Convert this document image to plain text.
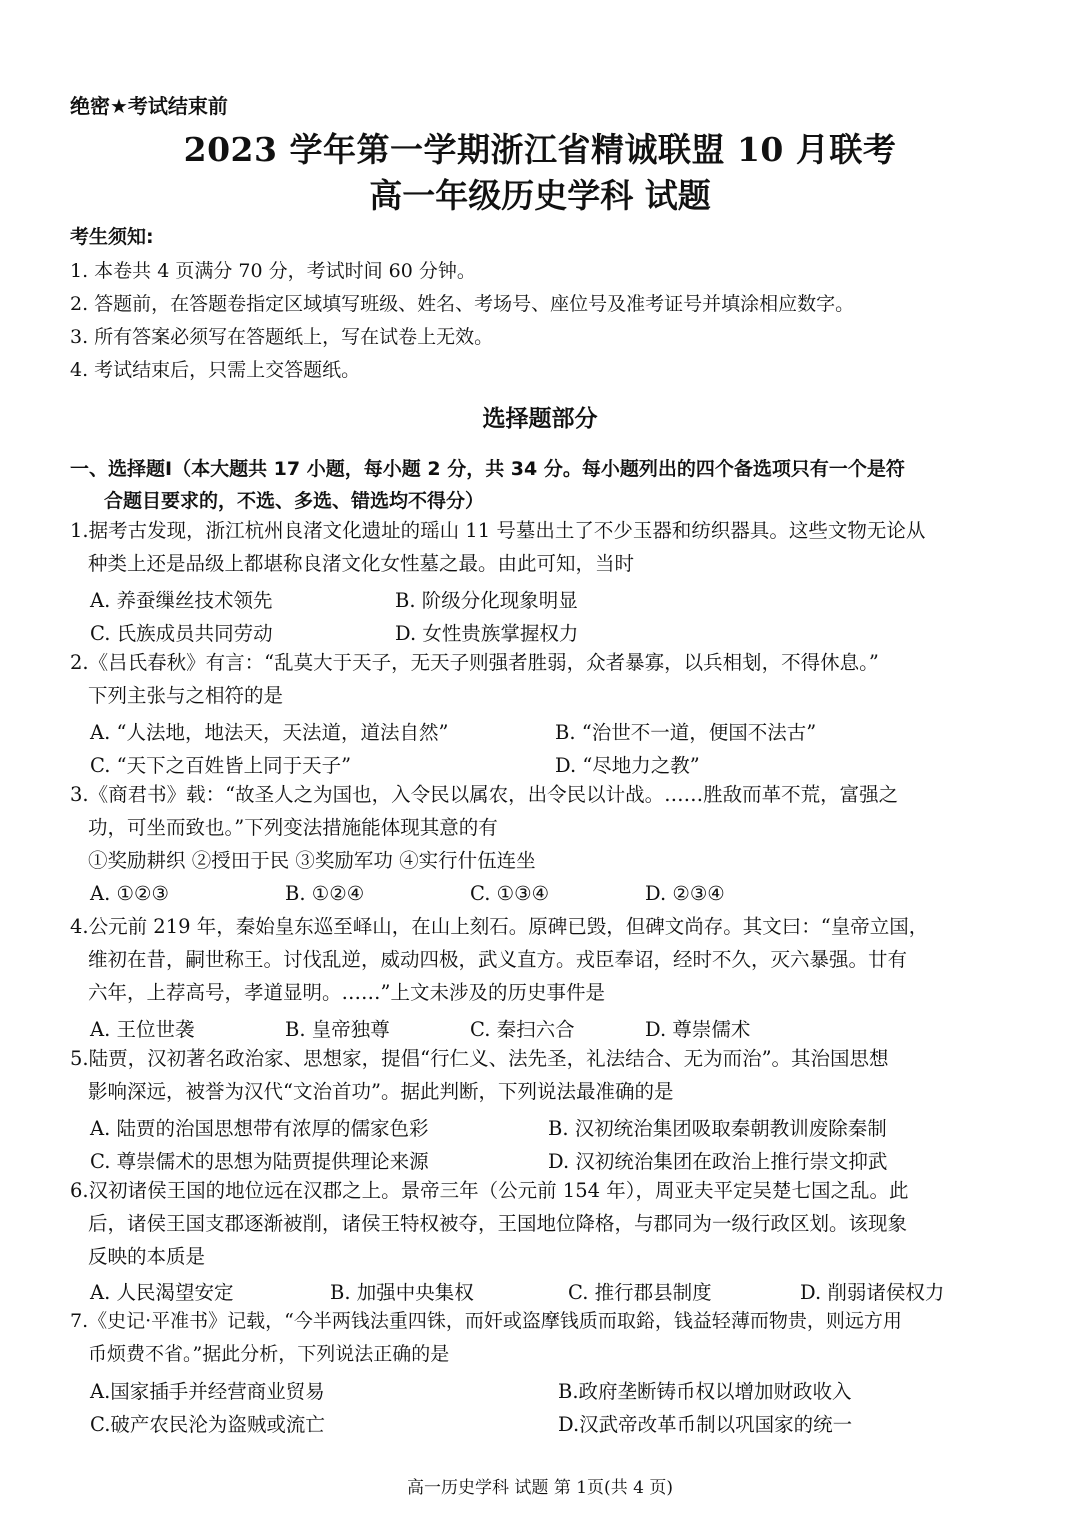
绝密★考试结束前
2023 学年第一学期浙江省精诚联盟 10 月联考
高一年级历史学科 试题
考生须知:
1. 本卷共 4 页满分 70 分，考试时间 60 分钟。
2. 答题前，在答题卷指定区域填写班级、姓名、考场号、座位号及准考证号并填涂相应数字。
3. 所有答案必须写在答题纸上，写在试卷上无效。
4. 考试结束后，只需上交答题纸。
选择题部分
一、选择题Ⅰ（本大题共 17 小题，每小题 2 分，共 34 分。每小题列出的四个备选项只有一个是符
合题目要求的，不选、多选、错选均不得分）
1.据考古发现，浙江杭州良渚文化遗址的瑶山 11 号墓出土了不少玉器和纺织器具。这些文物无论从
种类上还是品级上都堪称良渚文化女性墓之最。由此可知，当时
A. 养蚕缫丝技术领先	B. 阶级分化现象明显
C. 氏族成员共同劳动	D. 女性贵族掌握权力
2.《吕氏春秋》有言：“乱莫大于天子，无天子则强者胜弱，众者暴寡，以兵相刬，不得休息。”
下列主张与之相符的是
A. “人法地，地法天，天法道，道法自然”	B. “治世不一道，便国不法古”
C. “天下之百姓皆上同于天子”	D. “尽地力之教”
3.《商君书》载：“故圣人之为国也，入令民以属农，出令民以计战。……胜敌而革不荒，富强之
功，可坐而致也。”下列变法措施能体现其意的有
①奖励耕织 ②授田于民 ③奖励军功 ④实行什伍连坐
A. ①②③	B. ①②④	C. ①③④	D. ②③④
4.公元前 219 年，秦始皇东巡至峄山，在山上刻石。原碑已毁，但碑文尚存。其文曰：“皇帝立国，
维初在昔，嗣世称王。讨伐乱逆，威动四极，武义直方。戎臣奉诏，经时不久，灭六暴强。廿有
六年，上荐高号，孝道显明。……”上文未涉及的历史事件是
A. 王位世袭	B. 皇帝独尊	C. 秦扫六合	D. 尊崇儒术
5.陆贾，汉初著名政治家、思想家，提倡“行仁义、法先圣，礼法结合、无为而治”。其治国思想
影响深远，被誉为汉代“文治首功”。据此判断，下列说法最准确的是
A. 陆贾的治国思想带有浓厚的儒家色彩	B. 汉初统治集团吸取秦朝教训废除秦制
C. 尊崇儒术的思想为陆贾提供理论来源	D. 汉初统治集团在政治上推行崇文抑武
6.汉初诸侯王国的地位远在汉郡之上。景帝三年（公元前 154 年），周亚夫平定吴楚七国之乱。此
后，诸侯王国支郡逐渐被削，诸侯王特权被夺，王国地位降格，与郡同为一级行政区划。该现象
反映的本质是
A. 人民渴望安定	B. 加强中央集权	C. 推行郡县制度	D. 削弱诸侯权力
7.《史记·平准书》记载，“今半两钱法重四铢，而奸或盗摩钱质而取鋊，钱益轻薄而物贵，则远方用
币烦费不省。”据此分析，下列说法正确的是
A.国家插手并经营商业贸易	B.政府垄断铸币权以增加财政收入
C.破产农民沦为盗贼或流亡	D.汉武帝改革币制以巩国家的统一
高一历史学科 试题 第 1页(共 4 页)
